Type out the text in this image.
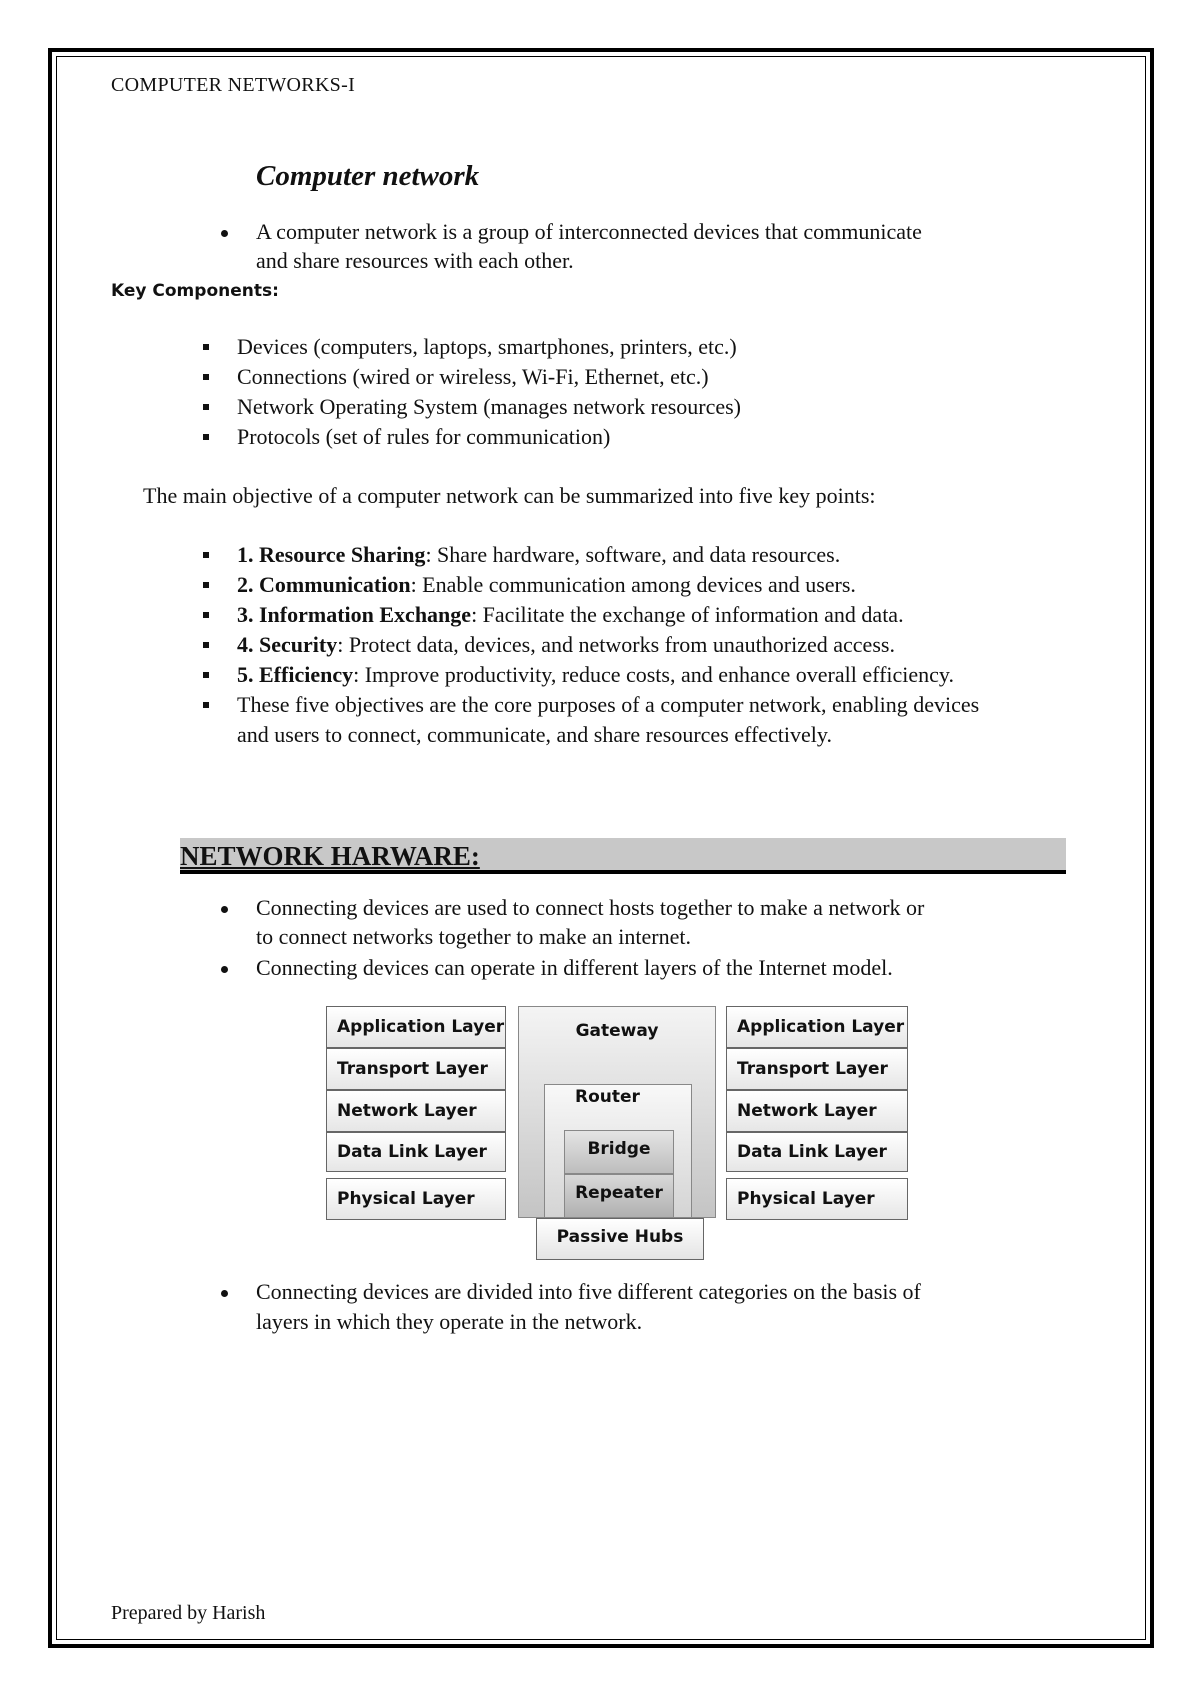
COMPUTER NETWORKS-I
Computer network
A computer network is a group of interconnected devices that communicate
and share resources with each other.
Key Components:
Devices (computers, laptops, smartphones, printers, etc.)
Connections (wired or wireless, Wi-Fi, Ethernet, etc.)
Network Operating System (manages network resources)
Protocols (set of rules for communication)
The main objective of a computer network can be summarized into five key points:
1. Resource Sharing: Share hardware, software, and data resources.
2. Communication: Enable communication among devices and users.
3. Information Exchange: Facilitate the exchange of information and data.
4. Security: Protect data, devices, and networks from unauthorized access.
5. Efficiency: Improve productivity, reduce costs, and enhance overall efficiency.
These five objectives are the core purposes of a computer network, enabling devices
and users to connect, communicate, and share resources effectively.
NETWORK HARWARE:
Connecting devices are used to connect hosts together to make a network or
to connect networks together to make an internet.
Connecting devices can operate in different layers of the Internet model.
Application Layer
Transport Layer
Network Layer
Data Link Layer
Physical Layer
Gateway
Router
Bridge
Repeater
Passive Hubs
Application Layer
Transport Layer
Network Layer
Data Link Layer
Physical Layer
Connecting devices are divided into five different categories on the basis of
layers in which they operate in the network.
Prepared by Harish
